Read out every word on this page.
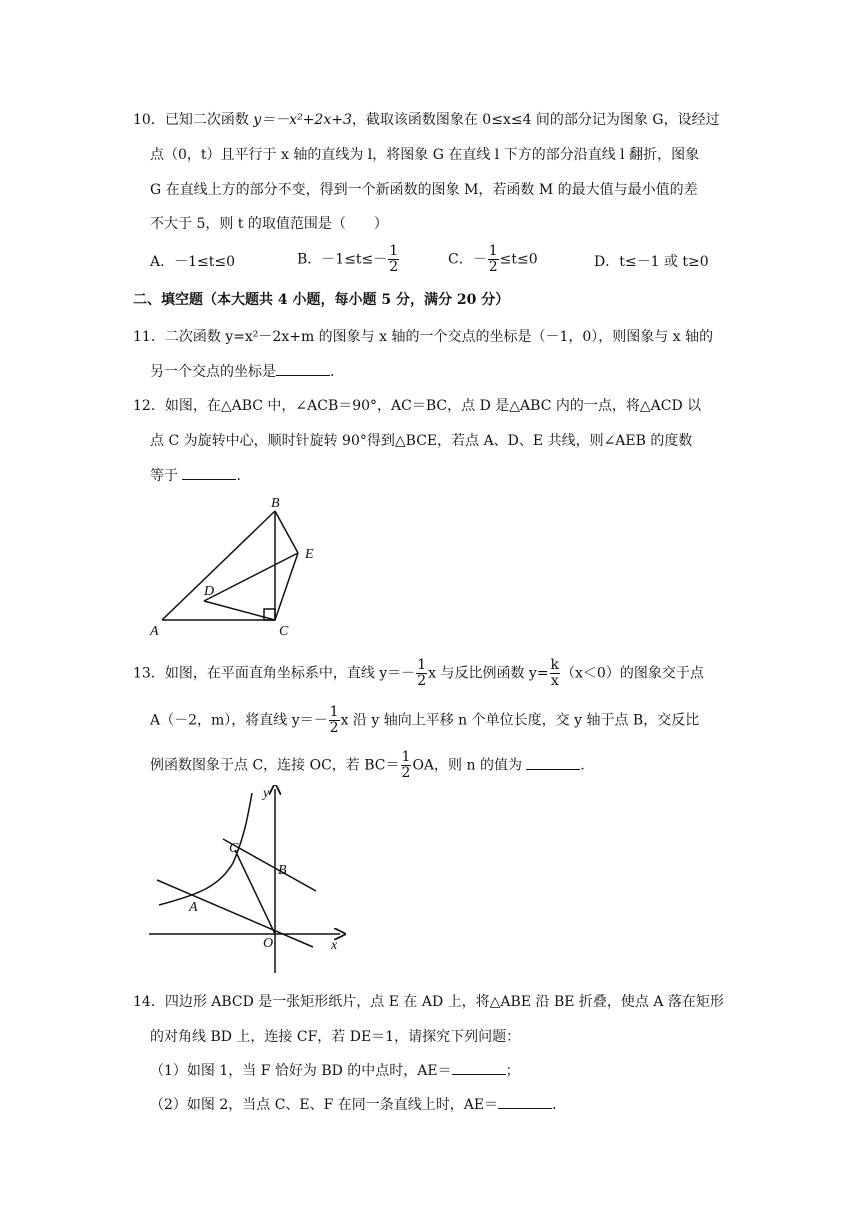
10．已知二次函数 y＝－x²+2x+3，截取该函数图象在 0≤x≤4 间的部分记为图象 G，设经过
点（0，t）且平行于 x 轴的直线为 l，将图象 G 在直线 l 下方的部分沿直线 l 翻折，图象
G 在直线上方的部分不变，得到一个新函数的图象 M，若函数 M 的最大值与最小值的差
不大于 5，则 t 的取值范围是（　　）
A．－1≤t≤0	B．$-1\le t\le- \frac{1}{2}$	C．－ $\frac{1}{2} \le t\le 0$	D．t≤－1 或 t≥0
二、填空题（本大题共 4 小题，每小题 5 分，满分 20 分）
11．二次函数 y=x²－2x+m 的图象与 x 轴的一个交点的坐标是（－1，0），则图象与 x 轴的
另一个交点的坐标是	．
12．如图，在△ABC 中，∠ACB＝90°，AC＝BC，点 D 是△ABC 内的一点，将△ACD 以
点 C 为旋转中心，顺时针旋转 90°得到△BCE，若点 A、D、E 共线，则∠AEB 的度数
等于	．
A
B
C
D
E
13．如图，在平面直角坐标系中，直线 $y=- \frac{1}{2}$ x 与反比例函数 $y= \frac{k}{x} (x<0)$的图象交于点
A（－2，m），将直线 $y=- \frac{1}{2}$ x 沿 y 轴向上平移 n 个单位长度，交 y 轴于点 B，交反比
例函数图象于点 C，连接 OC，若 $BC= \frac{1}{2}$ OA，则 n 的值为	．
y
x
O
A
B
C
14．四边形 ABCD 是一张矩形纸片，点 E 在 AD 上，将△ABE 沿 BE 折叠，使点 A 落在矩形
的对角线 BD 上，连接 CF，若 DE＝1，请探究下列问题：
（1）如图 1，当 F 恰好为 BD 的中点时，AE＝	；
（2）如图 2，当点 C、E、F 在同一条直线上时，AE＝	．
